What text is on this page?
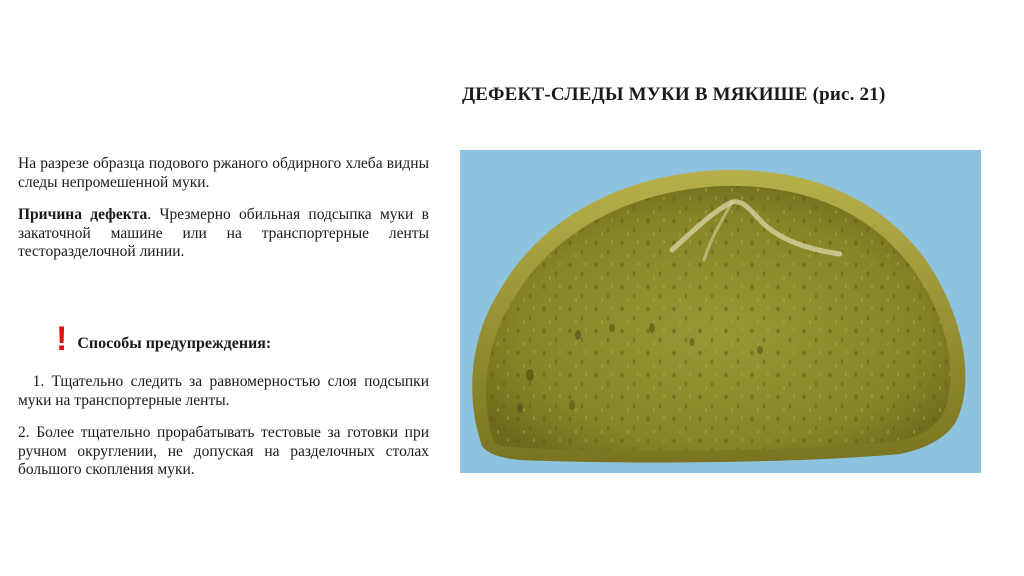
ДЕФЕКТ-СЛЕДЫ МУКИ В МЯКИШЕ (рис. 21)

На разрезе образца подового ржаного обдирного хлеба видны следы непромешенной муки.

Причина дефекта. Чрезмерно обильная подсыпка муки в закаточной машине или на транспортерные ленты тесторазделочной линии.

! Способы предупреждения:

1. Тщательно следить за равномерностью слоя подсыпки муки на транспортерные ленты.

2. Более тщательно прорабатывать тестовые за готовки при ручном округлении, не допуская на разделочных столах большого скопления муки.
